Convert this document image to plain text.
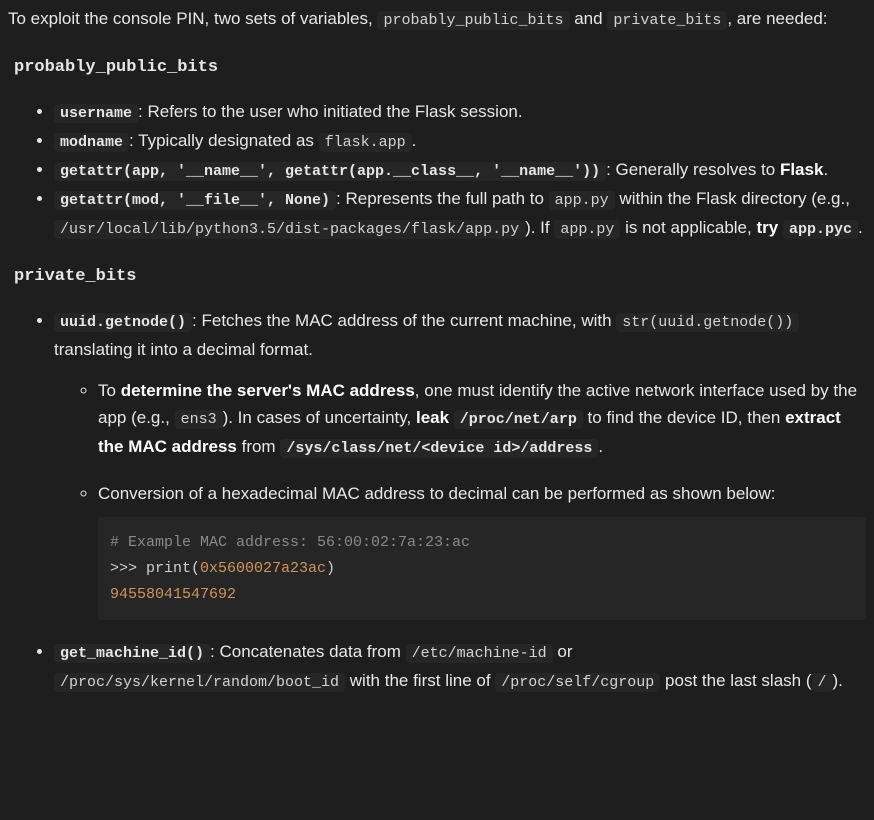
To exploit the console PIN, two sets of variables, probably_public_bits and private_bits , are needed:

probably_public_bits
• username : Refers to the user who initiated the Flask session.
• modname : Typically designated as flask.app .
• getattr(app, '__name__', getattr(app.__class__, '__name__')) : Generally resolves to Flask.
• getattr(mod, '__file__', None) : Represents the full path to app.py within the Flask directory (e.g., /usr/local/lib/python3.5/dist-packages/flask/app.py ). If app.py is not applicable, try app.pyc .
private_bits
• uuid.getnode() : Fetches the MAC address of the current machine, with str(uuid.getnode()) translating it into a decimal format.
◦ To determine the server's MAC address, one must identify the active network interface used by the app (e.g., ens3 ). In cases of uncertainty, leak /proc/net/arp to find the device ID, then extract the MAC address from /sys/class/net/<device id>/address .
◦ Conversion of a hexadecimal MAC address to decimal can be performed as shown below:
# Example MAC address: 56:00:02:7a:23:ac
>>> print(0x5600027a23ac)
94558041547692
• get_machine_id() : Concatenates data from /etc/machine-id or /proc/sys/kernel/random/boot_id with the first line of /proc/self/cgroup post the last slash ( / ).
